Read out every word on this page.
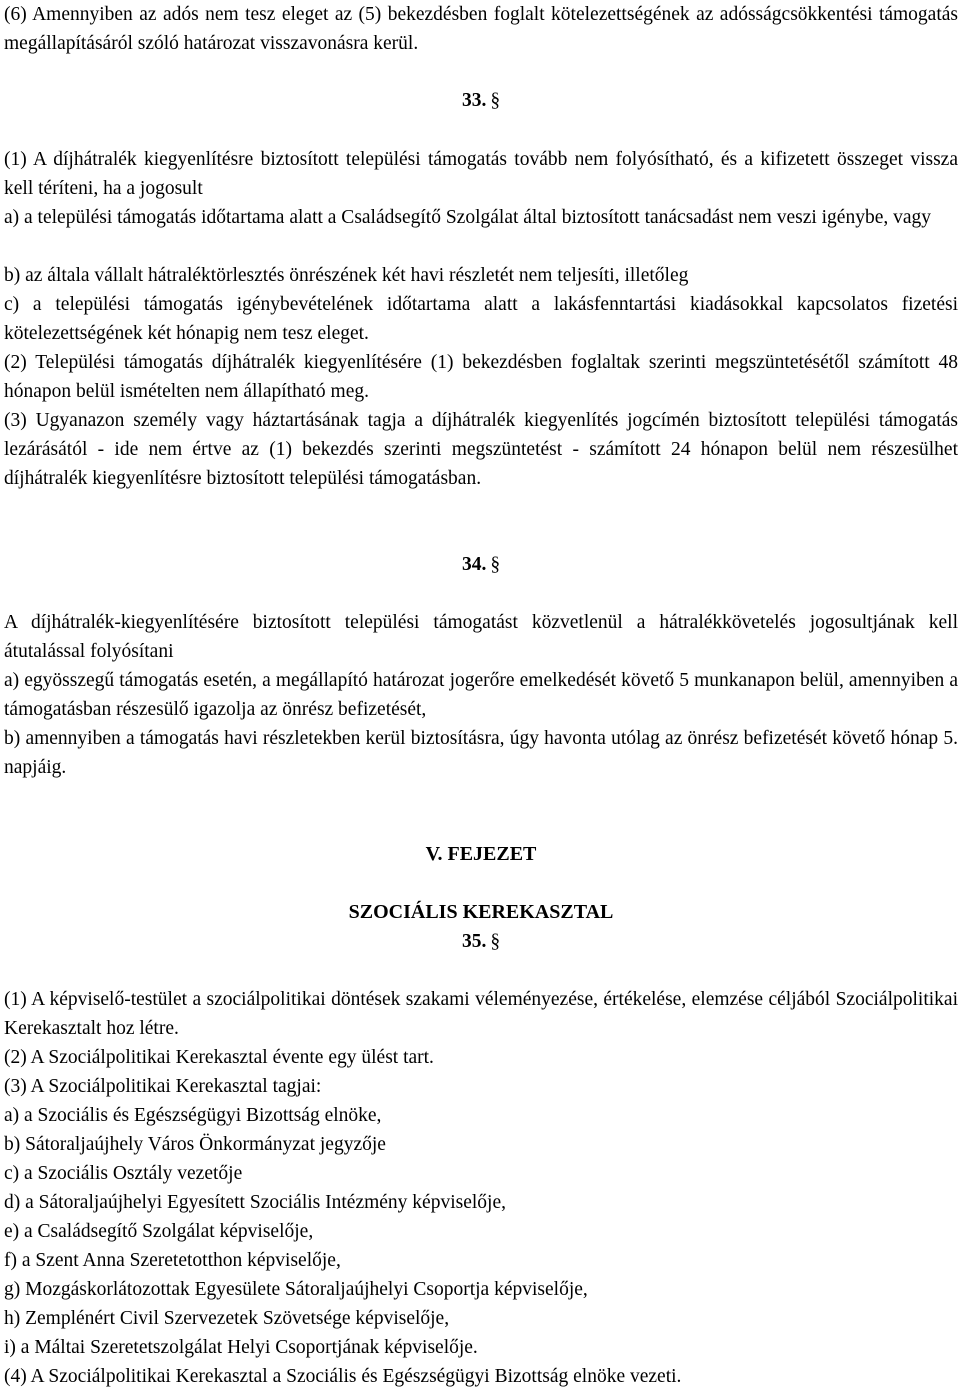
(6) Amennyiben az adós nem tesz eleget az (5) bekezdésben foglalt kötelezettségének az adósságcsökkentési támogatás megállapításáról szóló határozat visszavonásra kerül.

33. §

(1) A díjhátralék kiegyenlítésre biztosított települési támogatás tovább nem folyósítható, és a kifizetett összeget vissza kell téríteni, ha a jogosult

a) a települési támogatás időtartama alatt a Családsegítő Szolgálat által biztosított tanácsadást nem veszi igénybe, vagy

b) az általa vállalt hátraléktörlesztés önrészének két havi részletét nem teljesíti, illetőleg

c) a települési támogatás igénybevételének időtartama alatt a lakásfenntartási kiadásokkal kapcsolatos fizetési kötelezettségének két hónapig nem tesz eleget.

(2) Települési támogatás díjhátralék kiegyenlítésére (1) bekezdésben foglaltak szerinti megszüntetésétől számított 48 hónapon belül ismételten nem állapítható meg.

(3) Ugyanazon személy vagy háztartásának tagja a díjhátralék kiegyenlítés jogcímén biztosított települési támogatás lezárásától - ide nem értve az (1) bekezdés szerinti megszüntetést - számított 24 hónapon belül nem részesülhet díjhátralék kiegyenlítésre biztosított települési támogatásban.

34. §

A díjhátralék-kiegyenlítésére biztosított települési támogatást közvetlenül a hátralékkövetelés jogosultjának kell átutalással folyósítani

a) egyösszegű támogatás esetén, a megállapító határozat jogerőre emelkedését követő 5 munkanapon belül, amennyiben a támogatásban részesülő igazolja az önrész befizetését,

b) amennyiben a támogatás havi részletekben kerül biztosításra, úgy havonta utólag az önrész befizetését követő hónap 5. napjáig.

V. FEJEZET
SZOCIÁLIS KEREKASZTAL
35. §

(1) A képviselő-testület a szociálpolitikai döntések szakami véleményezése, értékelése, elemzése céljából Szociálpolitikai Kerekasztalt hoz létre.

(2) A Szociálpolitikai Kerekasztal évente egy ülést tart.

(3) A Szociálpolitikai Kerekasztal tagjai:

a) a Szociális és Egészségügyi Bizottság elnöke,

b) Sátoraljaújhely Város Önkormányzat jegyzője

c) a Szociális Osztály vezetője

d) a Sátoraljaújhelyi Egyesített Szociális Intézmény képviselője,

e) a Családsegítő Szolgálat képviselője,

f) a Szent Anna Szeretetotthon képviselője,

g) Mozgáskorlátozottak Egyesülete Sátoraljaújhelyi Csoportja képviselője,

h) Zemplénért Civil Szervezetek Szövetsége képviselője,

i) a Máltai Szeretetszolgálat Helyi Csoportjának képviselője.

(4) A Szociálpolitikai Kerekasztal a Szociális és Egészségügyi Bizottság elnöke vezeti.
